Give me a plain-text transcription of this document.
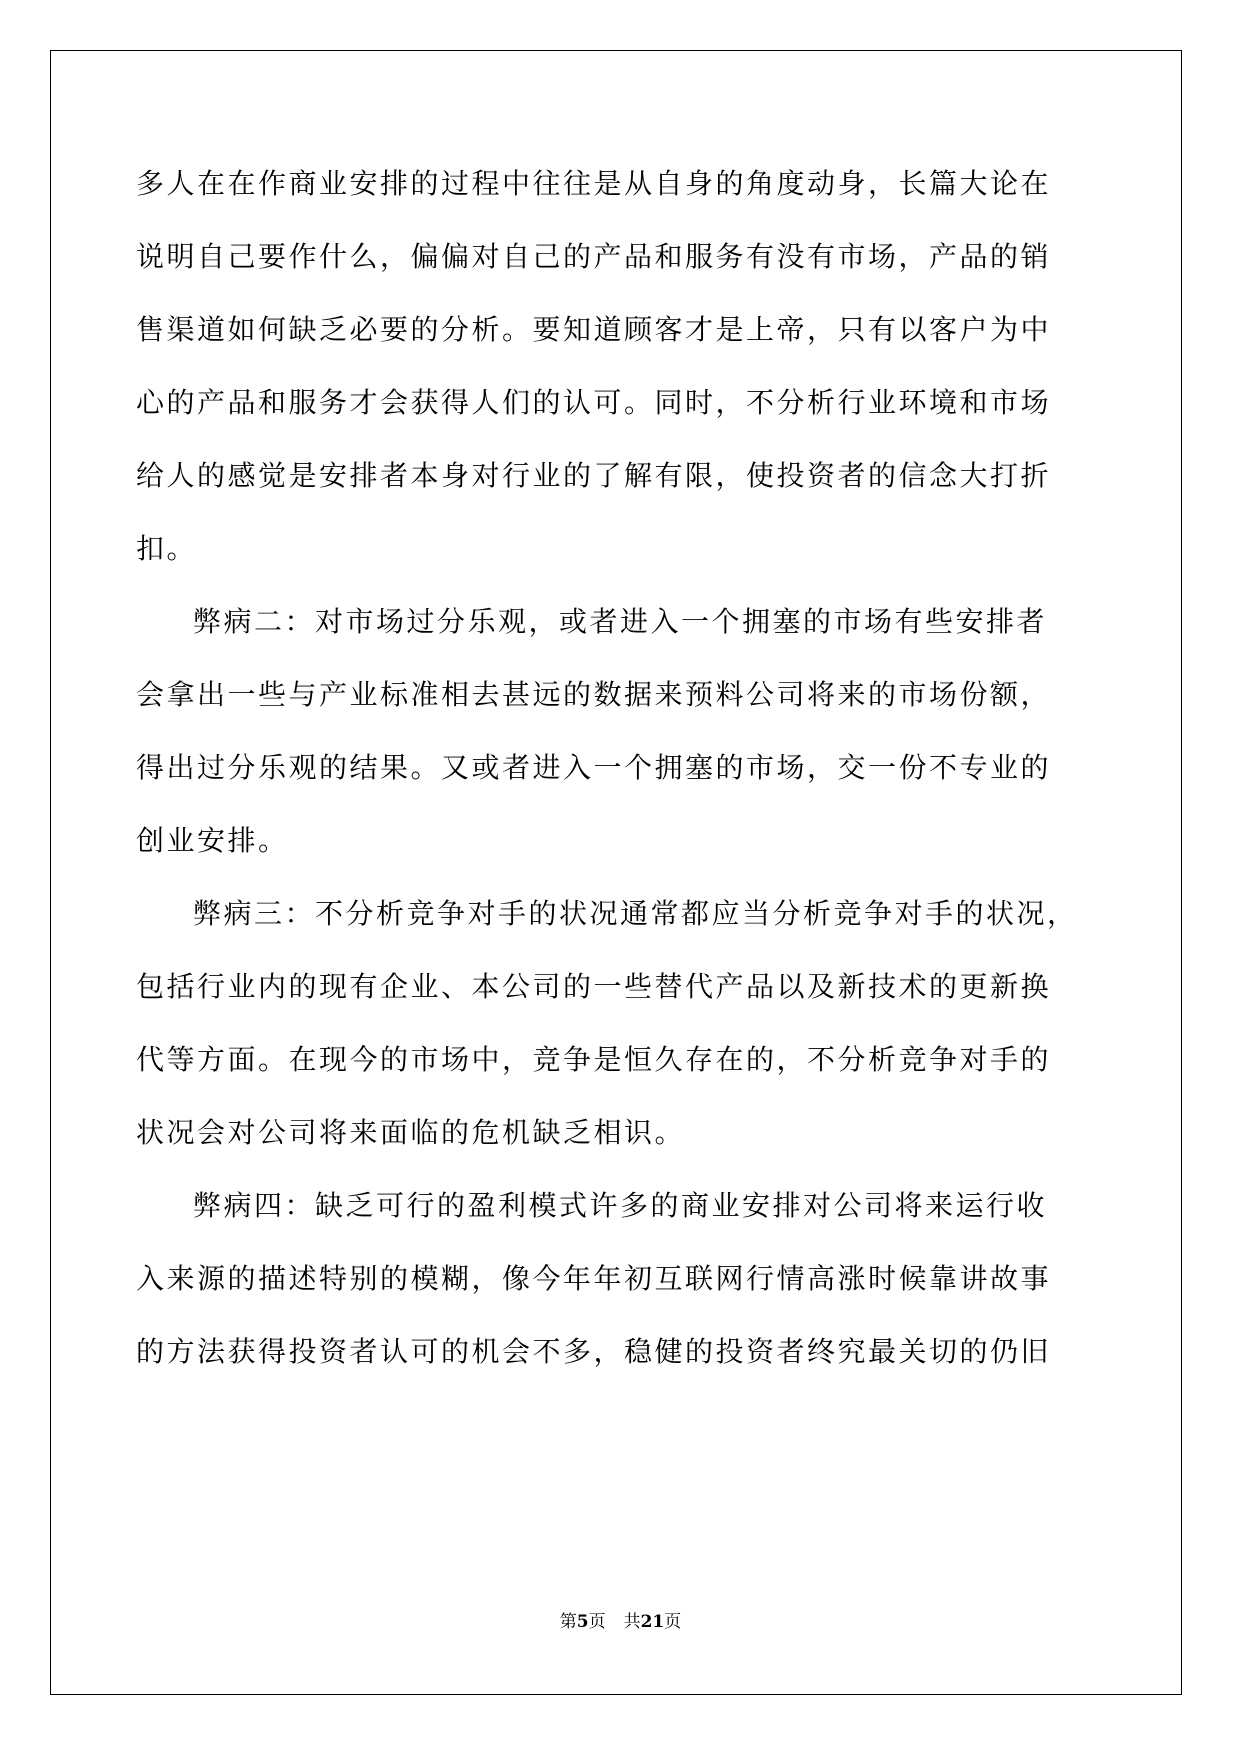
多人在在作商业安排的过程中往往是从自身的角度动身，长篇大论在
说明自己要作什么，偏偏对自己的产品和服务有没有市场，产品的销
售渠道如何缺乏必要的分析。要知道顾客才是上帝，只有以客户为中
心的产品和服务才会获得人们的认可。同时，不分析行业环境和市场
给人的感觉是安排者本身对行业的了解有限，使投资者的信念大打折
扣。
弊病二：对市场过分乐观，或者进入一个拥塞的市场有些安排者
会拿出一些与产业标准相去甚远的数据来预料公司将来的市场份额，
得出过分乐观的结果。又或者进入一个拥塞的市场，交一份不专业的
创业安排。
弊病三：不分析竞争对手的状况通常都应当分析竞争对手的状况，
包括行业内的现有企业、本公司的一些替代产品以及新技术的更新换
代等方面。在现今的市场中，竞争是恒久存在的，不分析竞争对手的
状况会对公司将来面临的危机缺乏相识。
弊病四：缺乏可行的盈利模式许多的商业安排对公司将来运行收
入来源的描述特别的模糊，像今年年初互联网行情高涨时候靠讲故事
的方法获得投资者认可的机会不多，稳健的投资者终究最关切的仍旧
第5页 共21页
